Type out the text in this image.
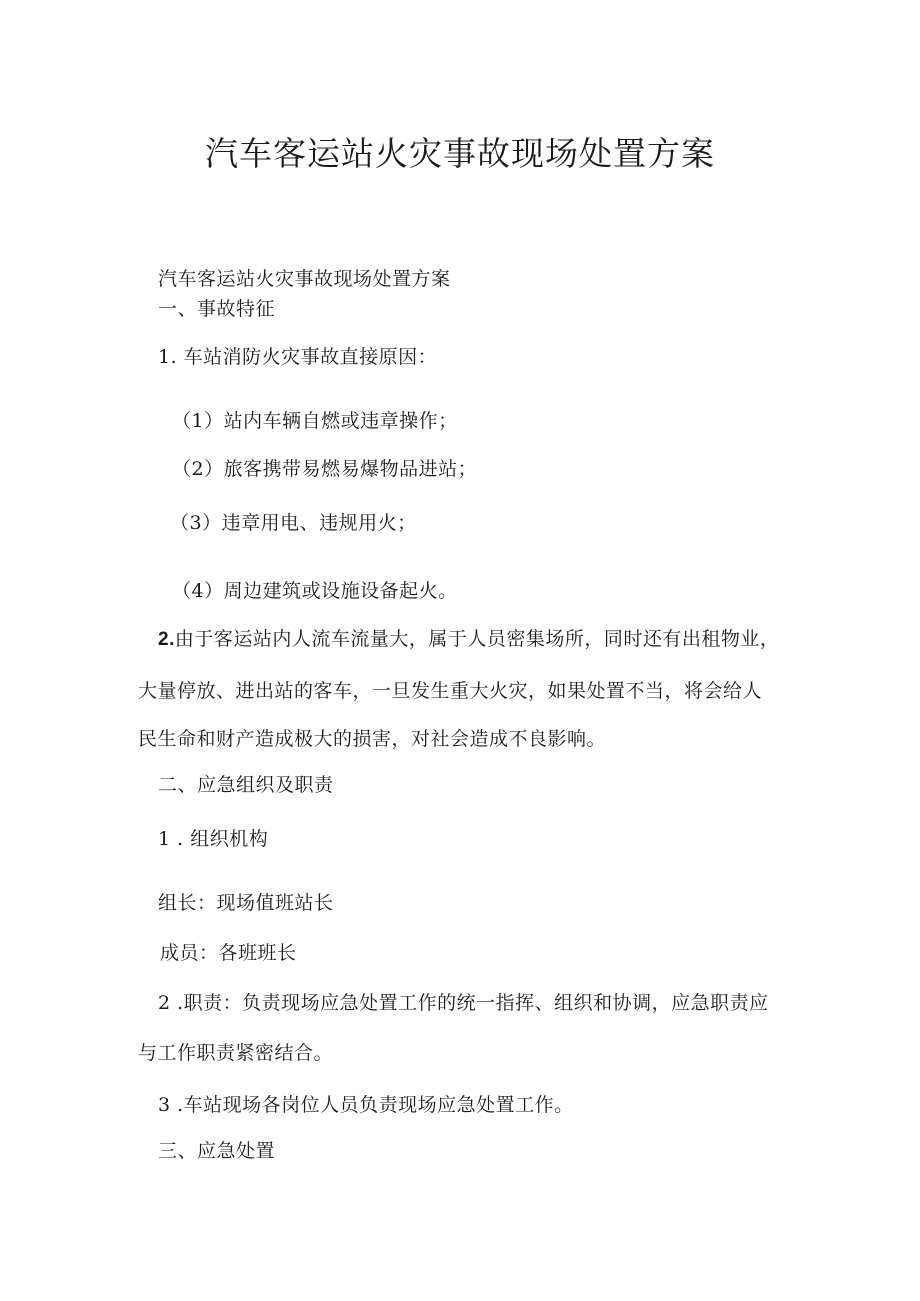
汽车客运站火灾事故现场处置方案
汽车客运站火灾事故现场处置方案
一、事故特征
1. 车站消防火灾事故直接原因：
（1）站内车辆自燃或违章操作；
（2）旅客携带易燃易爆物品进站；
（3）违章用电、违规用火；
（4）周边建筑或设施设备起火。
2.由于客运站内人流车流量大，属于人员密集场所，同时还有出租物业，
大量停放、进出站的客车，一旦发生重大火灾，如果处置不当，将会给人
民生命和财产造成极大的损害，对社会造成不良影响。
二、应急组织及职责
1 . 组织机构
组长：现场值班站长
成员：各班班长
2 .职责：负责现场应急处置工作的统一指挥、组织和协调，应急职责应
与工作职责紧密结合。
3 .车站现场各岗位人员负责现场应急处置工作。
三、应急处置
